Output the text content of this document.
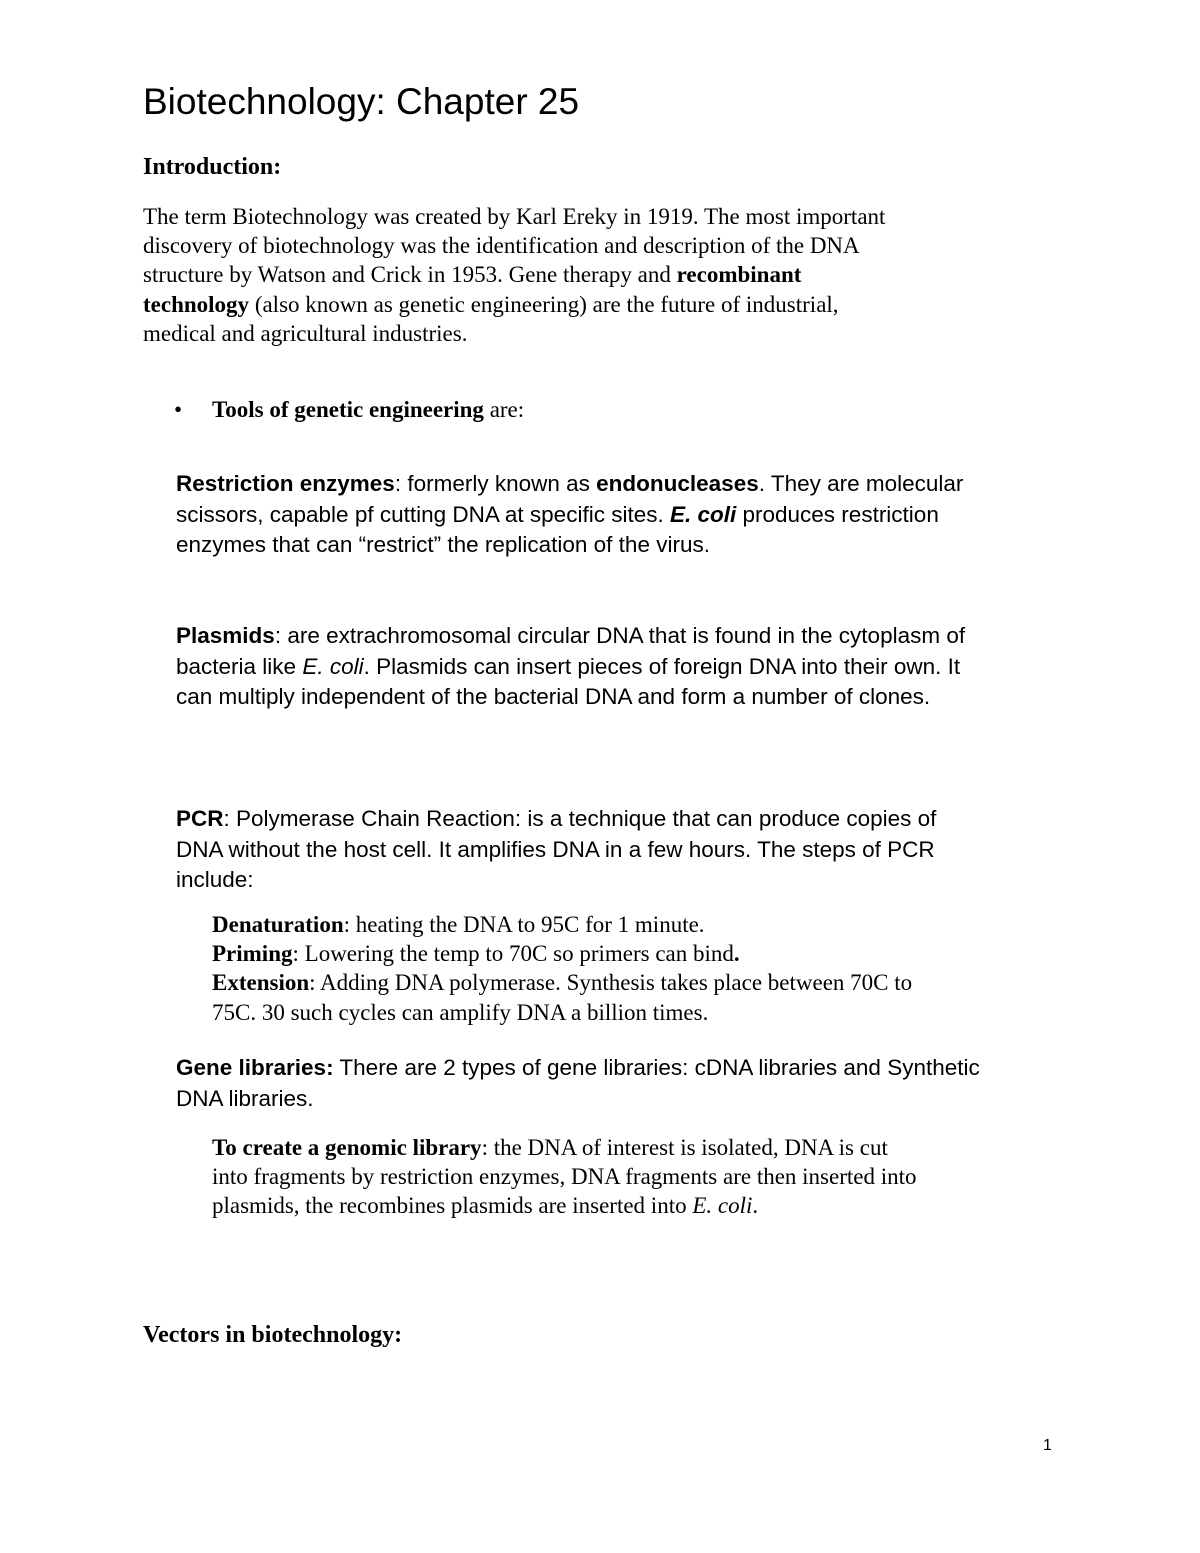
Biotechnology: Chapter 25
Introduction:
The term Biotechnology was created by Karl Ereky in 1919. The most important
discovery of biotechnology was the identification and description of the DNA
structure by Watson and Crick in 1953. Gene therapy and recombinant
technology (also known as genetic engineering) are the future of industrial,
medical and agricultural industries.
• Tools of genetic engineering are:
Restriction enzymes: formerly known as endonucleases. They are molecular
scissors, capable pf cutting DNA at specific sites. E. coli produces restriction
enzymes that can “restrict” the replication of the virus.
Plasmids: are extrachromosomal circular DNA that is found in the cytoplasm of
bacteria like E. coli. Plasmids can insert pieces of foreign DNA into their own. It
can multiply independent of the bacterial DNA and form a number of clones.
PCR: Polymerase Chain Reaction: is a technique that can produce copies of
DNA without the host cell. It amplifies DNA in a few hours. The steps of PCR
include:
Denaturation: heating the DNA to 95C for 1 minute.
Priming: Lowering the temp to 70C so primers can bind.
Extension: Adding DNA polymerase. Synthesis takes place between 70C to
75C. 30 such cycles can amplify DNA a billion times.
Gene libraries: There are 2 types of gene libraries: cDNA libraries and Synthetic
DNA libraries.
To create a genomic library: the DNA of interest is isolated, DNA is cut
into fragments by restriction enzymes, DNA fragments are then inserted into
plasmids, the recombines plasmids are inserted into E. coli.
Vectors in biotechnology:
1
